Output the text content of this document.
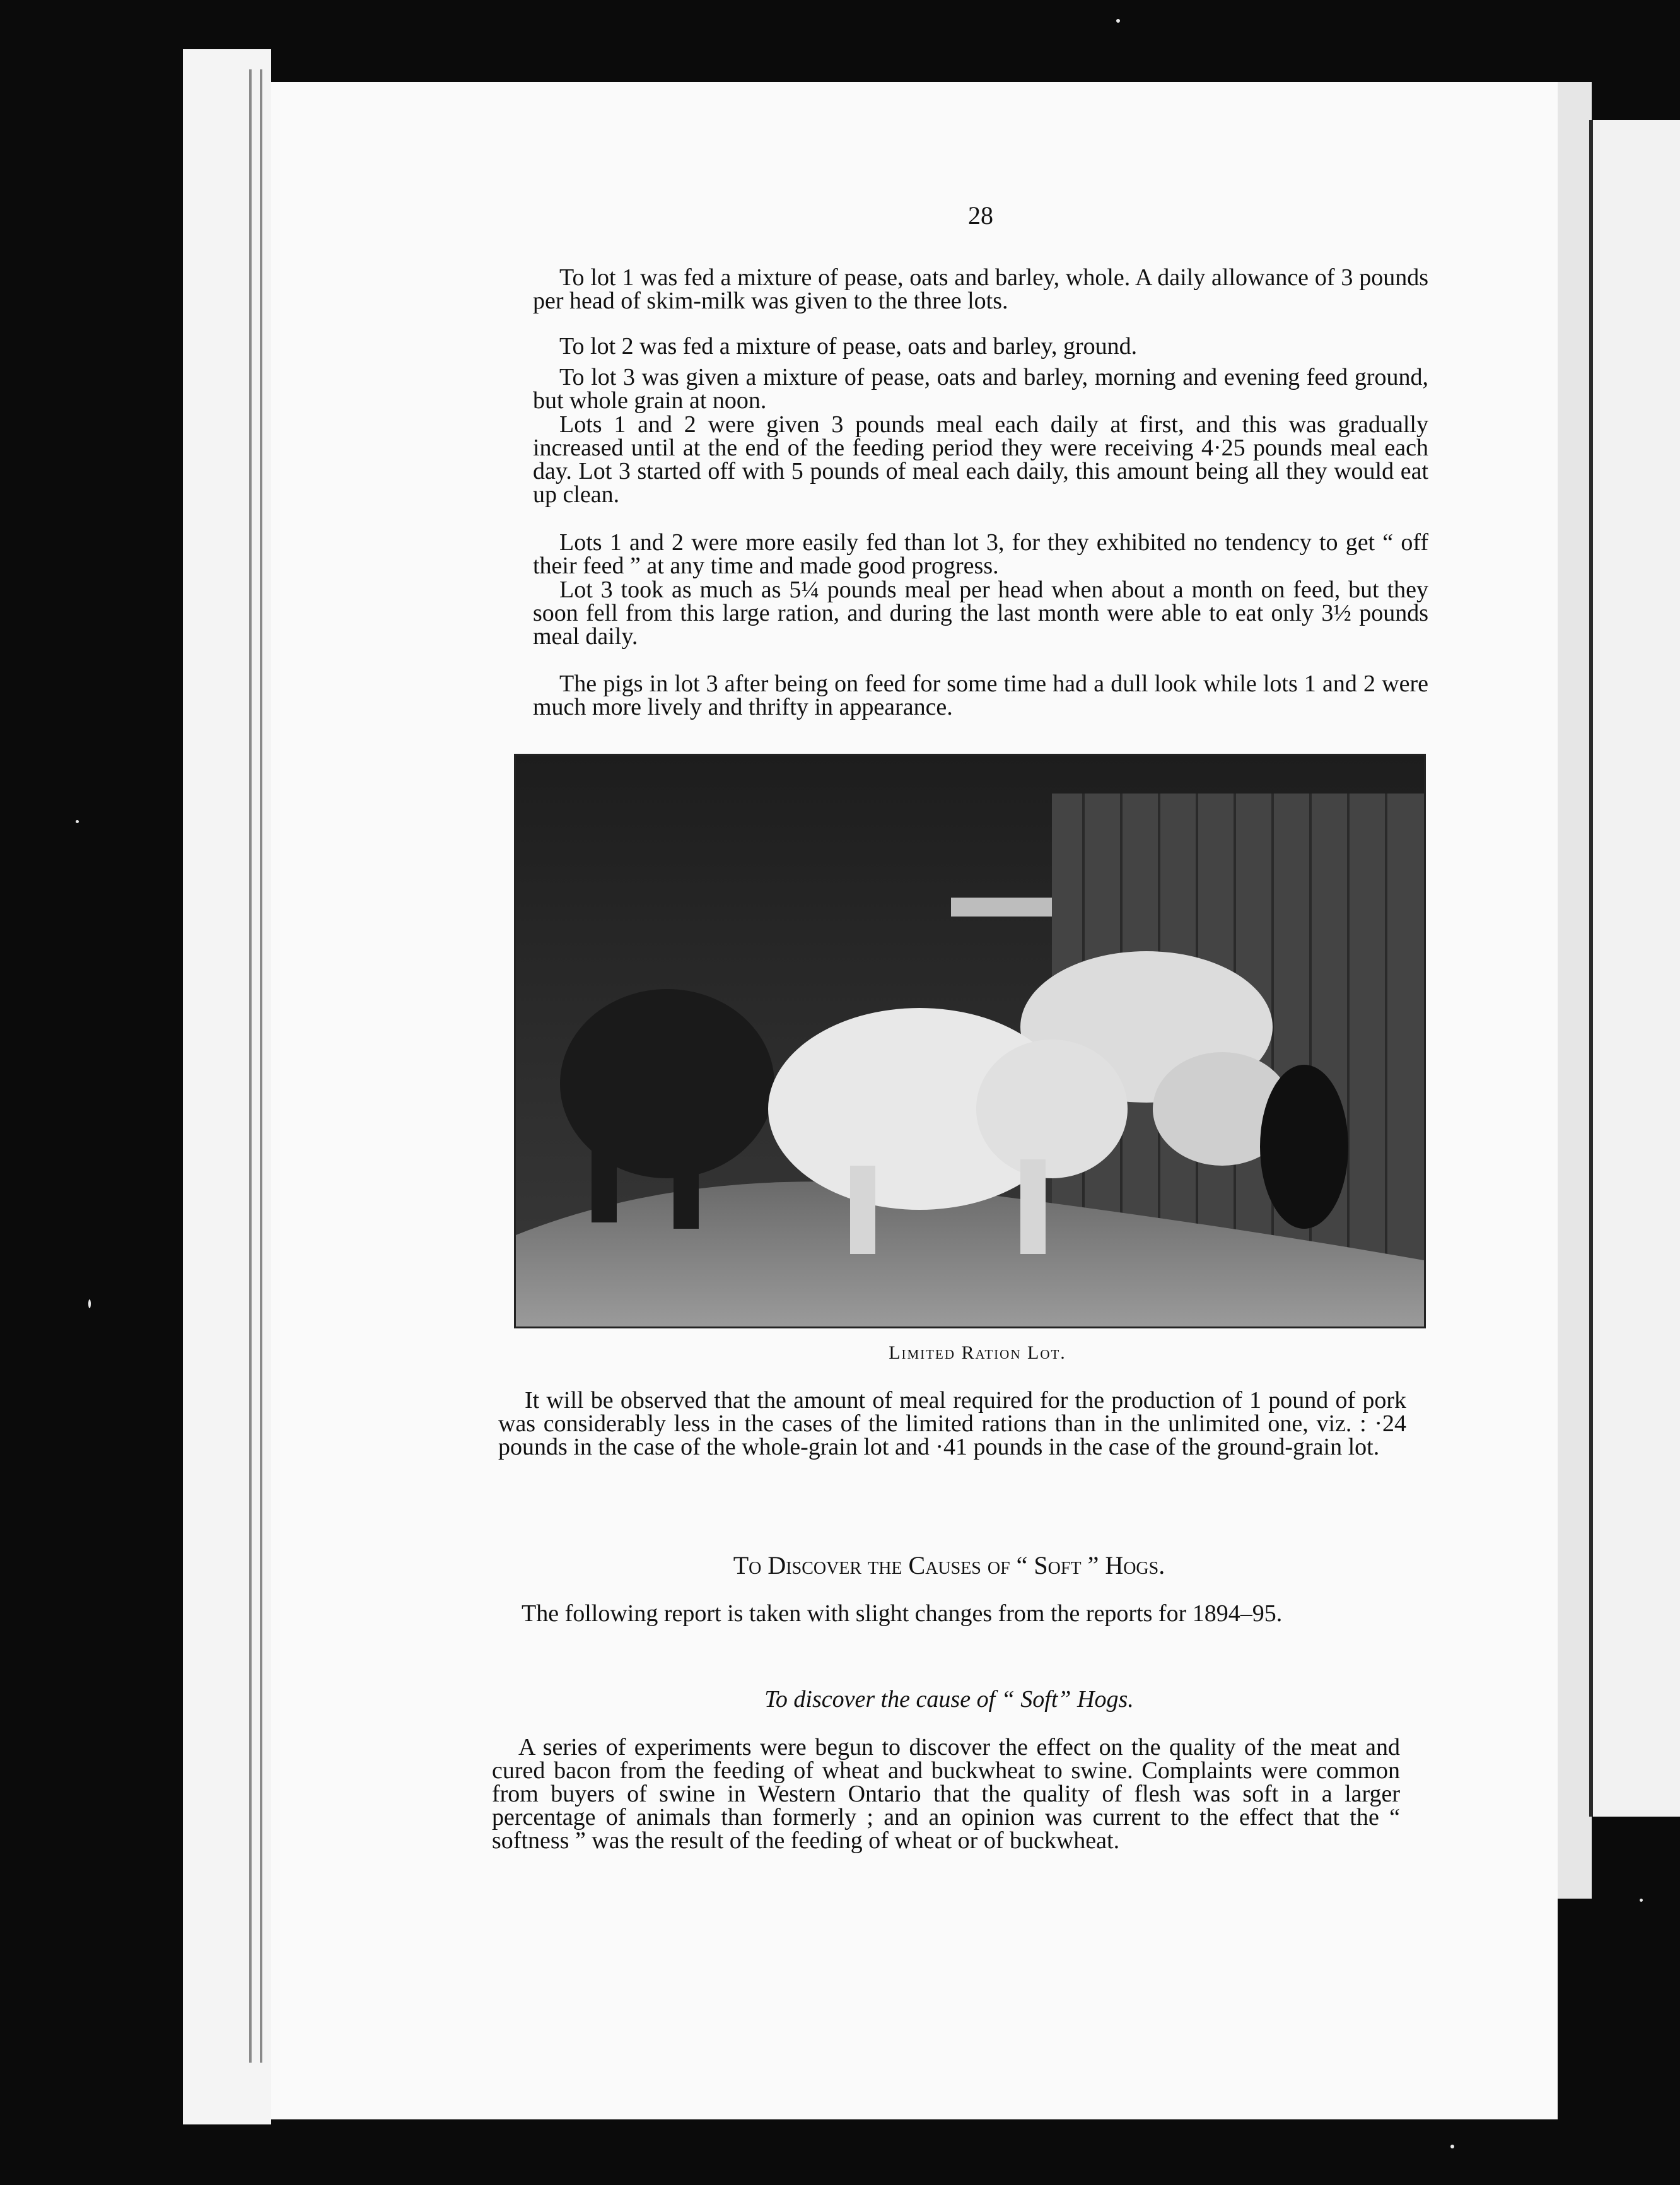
28

To lot 1 was fed a mixture of pease, oats and barley, whole. A daily allowance of 3 pounds per head of skim-milk was given to the three lots.

To lot 2 was fed a mixture of pease, oats and barley, ground.

To lot 3 was given a mixture of pease, oats and barley, morning and evening feed ground, but whole grain at noon.

Lots 1 and 2 were given 3 pounds meal each daily at first, and this was gradually increased until at the end of the feeding period they were receiving 4·25 pounds meal each day. Lot 3 started off with 5 pounds of meal each daily, this amount being all they would eat up clean.

Lots 1 and 2 were more easily fed than lot 3, for they exhibited no tendency to get “ off their feed ” at any time and made good progress.

Lot 3 took as much as 5¼ pounds meal per head when about a month on feed, but they soon fell from this large ration, and during the last month were able to eat only 3½ pounds meal daily.

The pigs in lot 3 after being on feed for some time had a dull look while lots 1 and 2 were much more lively and thrifty in appearance.

Limited Ration Lot.

It will be observed that the amount of meal required for the production of 1 pound of pork was considerably less in the cases of the limited rations than in the unlimited one, viz. : ·24 pounds in the case of the whole-grain lot and ·41 pounds in the case of the ground-grain lot.

To Discover the Causes of “ Soft ” Hogs.

The following report is taken with slight changes from the reports for 1894–95.

To discover the cause of “ Soft” Hogs.

A series of experiments were begun to discover the effect on the quality of the meat and cured bacon from the feeding of wheat and buckwheat to swine. Complaints were common from buyers of swine in Western Ontario that the quality of flesh was soft in a larger percentage of animals than formerly ; and an opinion was current to the effect that the “ softness ” was the result of the feeding of wheat or of buckwheat.
